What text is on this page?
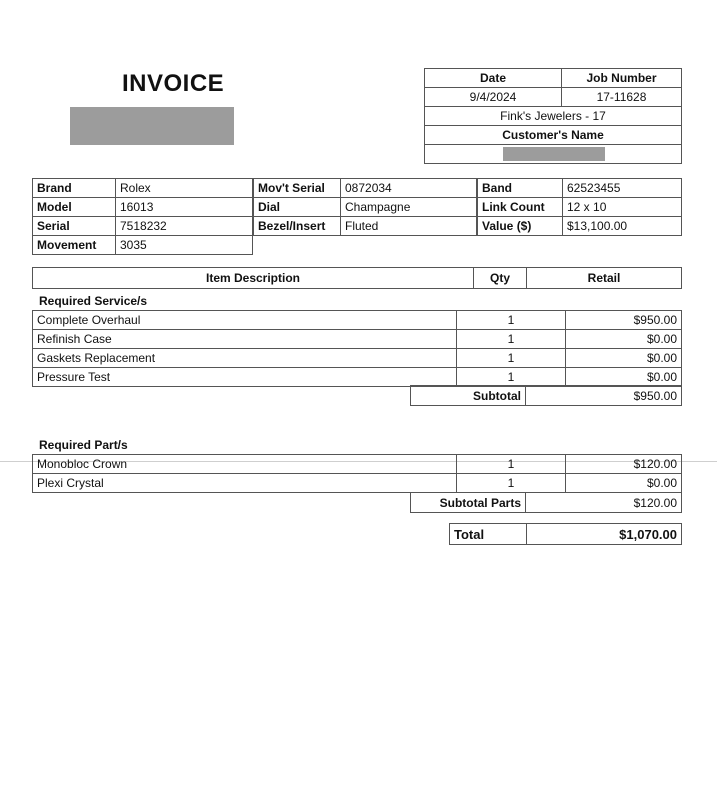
INVOICE	Date	Job Number
9/4/2024	17-11628
Fink's Jewelers - 17	
Customer's Name	

Brand	Rolex
Model	16013
Serial	7518232
Movement	3035
Mov't Serial	0872034
Dial	Champagne
Bezel/Insert	Fluted
Band	62523455
Link Count	12 x 10
Value ($)	$13,100.00
Item Description	Qty	Retail
Required Service/s
Complete Overhaul	1	$950.00
Refinish Case	1	$0.00
Gaskets Replacement	1	$0.00
Pressure Test	1	$0.00
Subtotal	$950.00
Required Part/s
Monobloc Crown	1	$120.00
Plexi Crystal	1	$0.00
Subtotal Parts	$120.00
Total	$1,070.00
